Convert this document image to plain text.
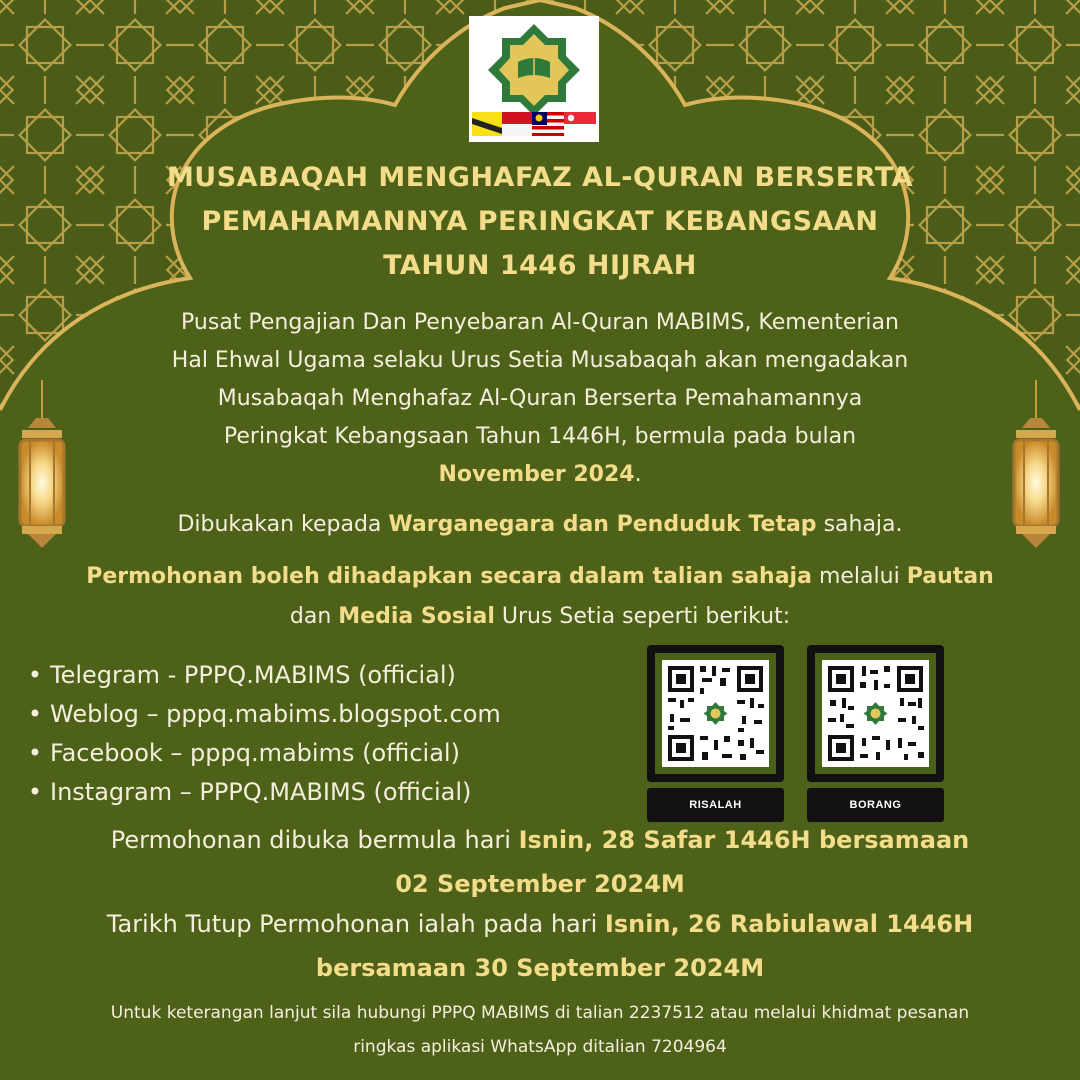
MUSABAQAH MENGHAFAZ AL-QURAN BERSERTA
PEMAHAMANNYA PERINGKAT KEBANGSAAN
TAHUN 1446 HIJRAH
Pusat Pengajian Dan Penyebaran Al-Quran MABIMS, Kementerian
Hal Ehwal Ugama selaku Urus Setia Musabaqah akan mengadakan
Musabaqah Menghafaz Al-Quran Berserta Pemahamannya
Peringkat Kebangsaan Tahun 1446H, bermula pada bulan
November 2024.
Dibukakan kepada Warganegara dan Penduduk Tetap sahaja.
Permohonan boleh dihadapkan secara dalam talian sahaja melalui Pautan
dan Media Sosial Urus Setia seperti berikut:
• Telegram - PPPQ.MABIMS (official)
• Weblog – pppq.mabims.blogspot.com
• Facebook – pppq.mabims (official)
• Instagram – PPPQ.MABIMS (official)	RISALAH	BORANG
Permohonan dibuka bermula hari Isnin, 28 Safar 1446H bersamaan
02 September 2024M
Tarikh Tutup Permohonan ialah pada hari Isnin, 26 Rabiulawal 1446H
bersamaan 30 September 2024M
Untuk keterangan lanjut sila hubungi PPPQ MABIMS di talian 2237512 atau melalui khidmat pesanan
ringkas aplikasi WhatsApp ditalian 7204964
